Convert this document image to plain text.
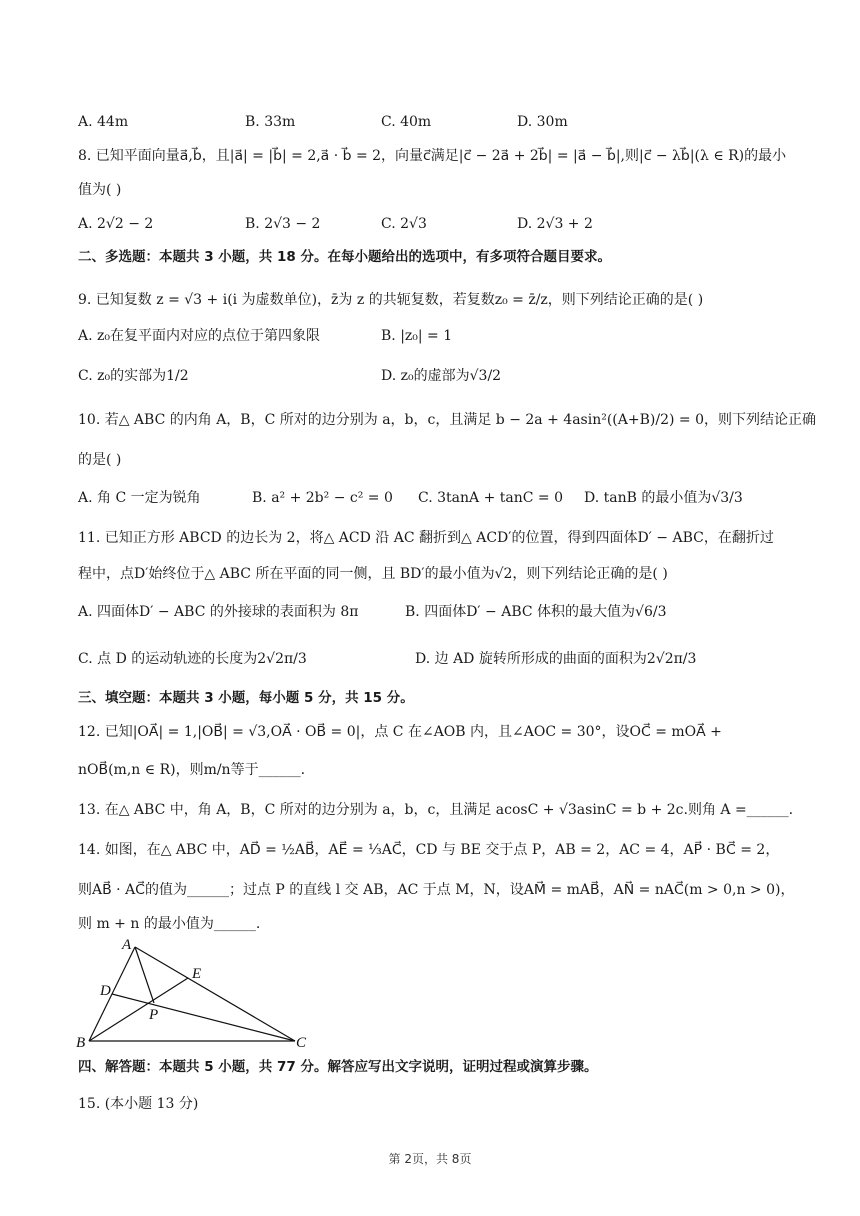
A. 44m	B. 33m	C. 40m	D. 30m
8. 已知平面向量a⃗,b⃗，且|a⃗| = |b⃗| = 2,a⃗ · b⃗ = 2，向量c⃗满足|c⃗ − 2a⃗ + 2b⃗| = |a⃗ − b⃗|,则|c⃗ − λb⃗|(λ ∈ R)的最小
值为( )
A. 2√2 − 2	B. 2√3 − 2	C. 2√3	D. 2√3 + 2
二、多选题：本题共 3 小题，共 18 分。在每小题给出的选项中，有多项符合题目要求。
9. 已知复数 z = √3 + i(i 为虚数单位)，z̄为 z 的共轭复数，若复数z₀ = z̄/z，则下列结论正确的是( )
A. z₀在复平面内对应的点位于第四象限	B. |z₀| = 1
C. z₀的实部为1/2	D. z₀的虚部为√3/2
10. 若△ ABC 的内角 A，B，C 所对的边分别为 a，b，c，且满足 b − 2a + 4asin²((A+B)/2) = 0，则下列结论正确
的是( )
A. 角 C 一定为锐角	B. a² + 2b² − c² = 0 C. 3tanA + tanC = 0 D. tanB 的最小值为√3/3
11. 已知正方形 ABCD 的边长为 2，将△ ACD 沿 AC 翻折到△ ACD′的位置，得到四面体D′ − ABC，在翻折过
程中，点D′始终位于△ ABC 所在平面的同一侧，且 BD′的最小值为√2，则下列结论正确的是( )
A. 四面体D′ − ABC 的外接球的表面积为 8π	B. 四面体D′ − ABC 体积的最大值为√6/3
C. 点 D 的运动轨迹的长度为2√2π/3	D. 边 AD 旋转所形成的曲面的面积为2√2π/3
三、填空题：本题共 3 小题，每小题 5 分，共 15 分。
12. 已知|OA⃗| = 1,|OB⃗| = √3,OA⃗ · OB⃗ = 0|，点 C 在∠AOB 内，且∠AOC = 30°，设OC⃗ = mOA⃗ +
nOB⃗(m,n ∈ R)，则m/n等于______.
13. 在△ ABC 中，角 A，B，C 所对的边分别为 a，b，c，且满足 acosC + √3asinC = b + 2c.则角 A =______.
14. 如图，在△ ABC 中，AD⃗ = ½AB⃗，AE⃗ = ⅓AC⃗，CD 与 BE 交于点 P，AB = 2，AC = 4，AP⃗ · BC⃗ = 2，
则AB⃗ · AC⃗的值为______；过点 P 的直线 l 交 AB，AC 于点 M，N，设AM⃗ = mAB⃗，AN⃗ = nAC⃗(m > 0,n > 0)，
则 m + n 的最小值为______.
A
B	C
D
E
P
四、解答题：本题共 5 小题，共 77 分。解答应写出文字说明，证明过程或演算步骤。
15. (本小题 13 分)
第 2页，共 8页
